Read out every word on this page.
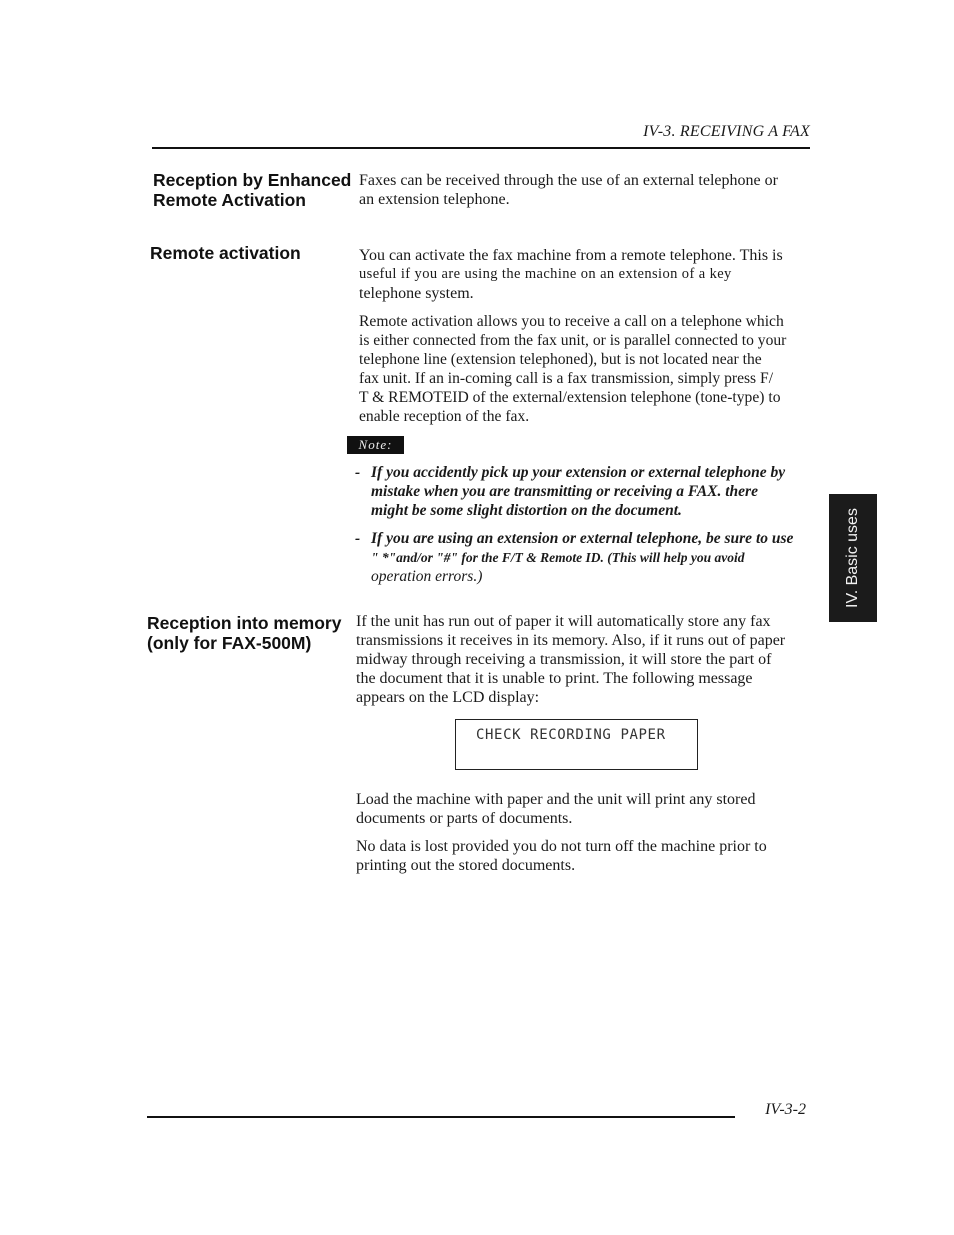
IV-3. RECEIVING A FAX
IV. Basic uses
Reception by Enhanced
Remote Activation

Faxes can be received through the use of an external telephone or

an extension telephone.

Remote activation	You can activate the fax machine from a remote telephone. This is

useful if you are using the machine on an extension of a key

telephone system.

Remote activation allows you to receive a call on a telephone which

is either connected from the fax unit, or is parallel connected to your

telephone line (extension telephoned), but is not located near the

fax unit. If an in-coming call is a fax transmission, simply press F/

T & REMOTEID of the external/extension telephone (tone-type) to

enable reception of the fax.

Note:
- If you accidently pick up your extension or external telephone by
mistake when you are transmitting or receiving a FAX. there
might be some slight distortion on the document.
- If you are using an extension or external telephone, be sure to use
" *"and/or "#" for the F/T & Remote ID. (This will help you avoid
operation errors.)
Reception into memory
(only for FAX-500M)

If the unit has run out of paper it will automatically store any fax

transmissions it receives in its memory. Also, if it runs out of paper

midway through receiving a transmission, it will store the part of

the document that it is unable to print. The following message

appears on the LCD display:

CHECK RECORDING PAPER

Load the machine with paper and the unit will print any stored

documents or parts of documents.

No data is lost provided you do not turn off the machine prior to

printing out the stored documents.

IV-3-2
